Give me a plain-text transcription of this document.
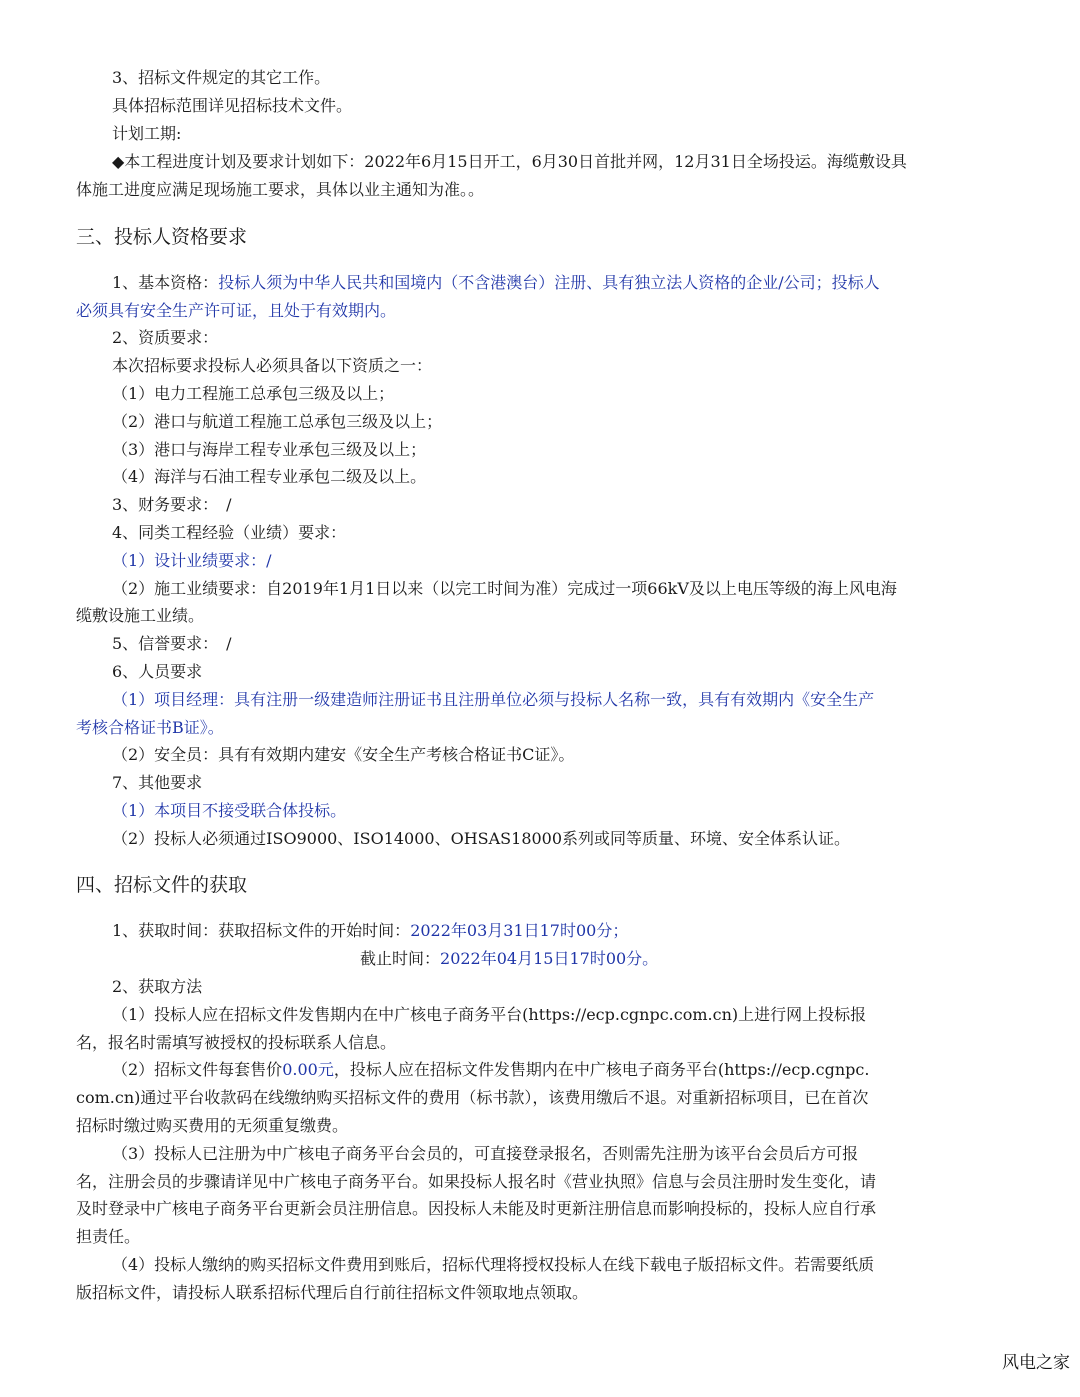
3、招标文件规定的其它工作。
具体招标范围详见招标技术文件。
计划工期:
◆本工程进度计划及要求计划如下：2022年6月15日开工，6月30日首批并网，12月31日全场投运。海缆敷设具
体施工进度应满足现场施工要求，具体以业主通知为准。。
三、投标人资格要求
1、基本资格：投标人须为中华人民共和国境内（不含港澳台）注册、具有独立法人资格的企业/公司；投标人
必须具有安全生产许可证，且处于有效期内。
2、资质要求：
本次招标要求投标人必须具备以下资质之一：
（1）电力工程施工总承包三级及以上；
（2）港口与航道工程施工总承包三级及以上；
（3）港口与海岸工程专业承包三级及以上；
（4）海洋与石油工程专业承包二级及以上。
3、财务要求：　/
4、同类工程经验（业绩）要求：
（1）设计业绩要求：/
（2）施工业绩要求：自2019年1月1日以来（以完工时间为准）完成过一项66kV及以上电压等级的海上风电海
缆敷设施工业绩。
5、信誉要求：　/
6、人员要求
（1）项目经理：具有注册一级建造师注册证书且注册单位必须与投标人名称一致，具有有效期内《安全生产
考核合格证书B证》。
（2）安全员：具有有效期内建安《安全生产考核合格证书C证》。
7、其他要求
（1）本项目不接受联合体投标。
（2）投标人必须通过ISO9000、ISO14000、OHSAS18000系列或同等质量、环境、安全体系认证。
四、招标文件的获取
1、获取时间：获取招标文件的开始时间：2022年03月31日17时00分；
截止时间：2022年04月15日17时00分。
2、获取方法
（1）投标人应在招标文件发售期内在中广核电子商务平台(https://ecp.cgnpc.com.cn)上进行网上投标报
名，报名时需填写被授权的投标联系人信息。
（2）招标文件每套售价0.00元，投标人应在招标文件发售期内在中广核电子商务平台(https://ecp.cgnpc.
com.cn)通过平台收款码在线缴纳购买招标文件的费用（标书款），该费用缴后不退。对重新招标项目，已在首次
招标时缴过购买费用的无须重复缴费。
（3）投标人已注册为中广核电子商务平台会员的，可直接登录报名，否则需先注册为该平台会员后方可报
名，注册会员的步骤请详见中广核电子商务平台。如果投标人报名时《营业执照》信息与会员注册时发生变化，请
及时登录中广核电子商务平台更新会员注册信息。因投标人未能及时更新注册信息而影响投标的，投标人应自行承
担责任。
（4）投标人缴纳的购买招标文件费用到账后，招标代理将授权投标人在线下载电子版招标文件。若需要纸质
版招标文件，请投标人联系招标代理后自行前往招标文件领取地点领取。
风电之家
